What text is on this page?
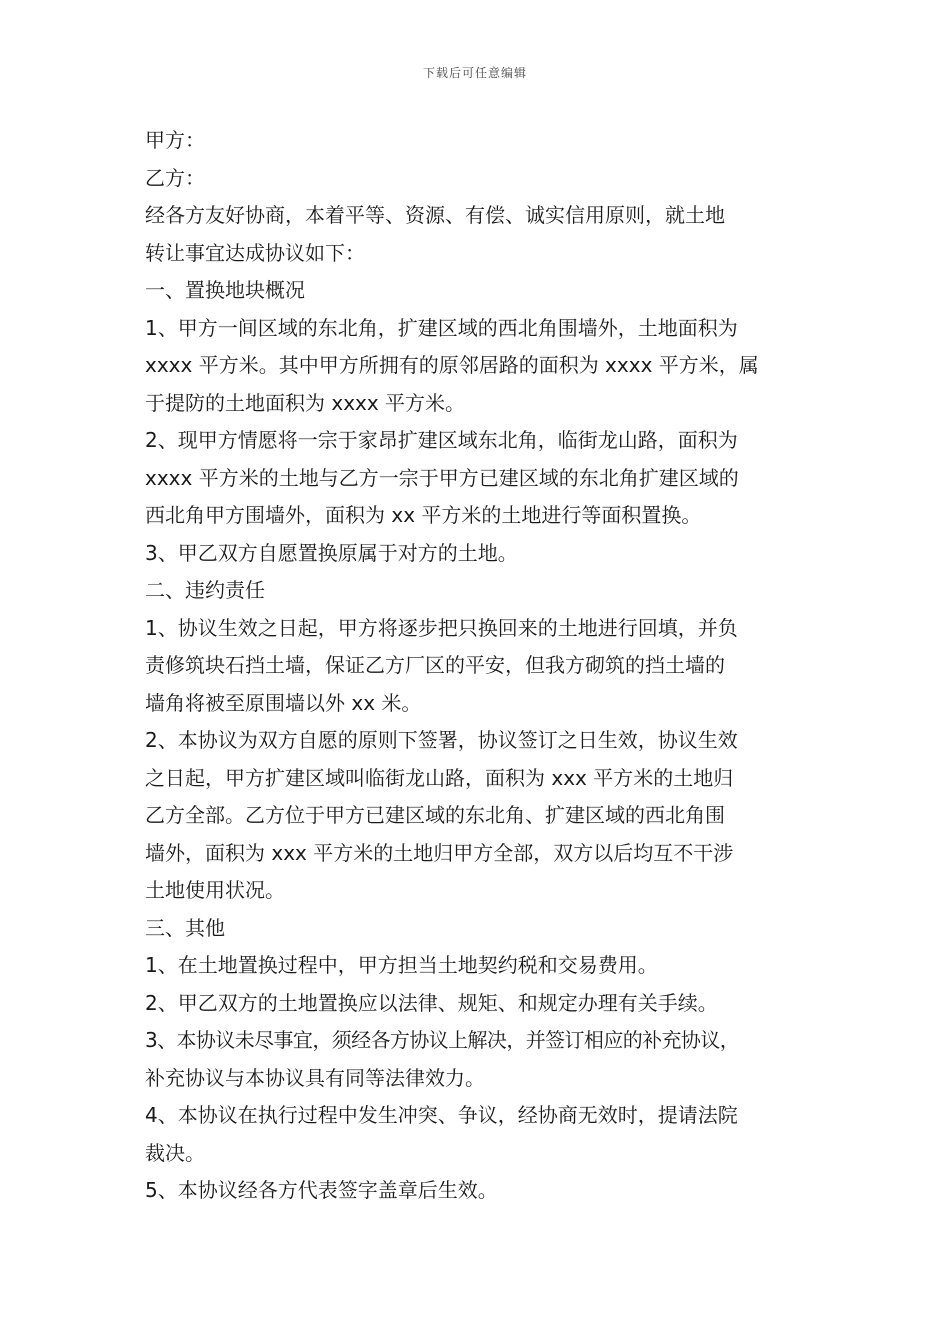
下载后可任意编辑
甲方：
乙方：
经各方友好协商，本着平等、资源、有偿、诚实信用原则，就土地
转让事宜达成协议如下：
一、置换地块概况
1、甲方一间区域的东北角，扩建区域的西北角围墙外，土地面积为
xxxx 平方米。其中甲方所拥有的原邻居路的面积为 xxxx 平方米，属
于提防的土地面积为 xxxx 平方米。
2、现甲方情愿将一宗于家昂扩建区域东北角，临街龙山路，面积为
xxxx 平方米的土地与乙方一宗于甲方已建区域的东北角扩建区域的
西北角甲方围墙外，面积为 xx 平方米的土地进行等面积置换。
3、甲乙双方自愿置换原属于对方的土地。
二、违约责任
1、协议生效之日起，甲方将逐步把只换回来的土地进行回填，并负
责修筑块石挡土墙，保证乙方厂区的平安，但我方砌筑的挡土墙的
墙角将被至原围墙以外 xx 米。
2、本协议为双方自愿的原则下签署，协议签订之日生效，协议生效
之日起，甲方扩建区域叫临街龙山路，面积为 xxx 平方米的土地归
乙方全部。乙方位于甲方已建区域的东北角、扩建区域的西北角围
墙外，面积为 xxx 平方米的土地归甲方全部，双方以后均互不干涉
土地使用状况。
三、其他
1、在土地置换过程中，甲方担当土地契约税和交易费用。
2、甲乙双方的土地置换应以法律、规矩、和规定办理有关手续。
3、本协议未尽事宜，须经各方协议上解决，并签订相应的补充协议，
补充协议与本协议具有同等法律效力。
4、本协议在执行过程中发生冲突、争议，经协商无效时，提请法院
裁决。
5、本协议经各方代表签字盖章后生效。
